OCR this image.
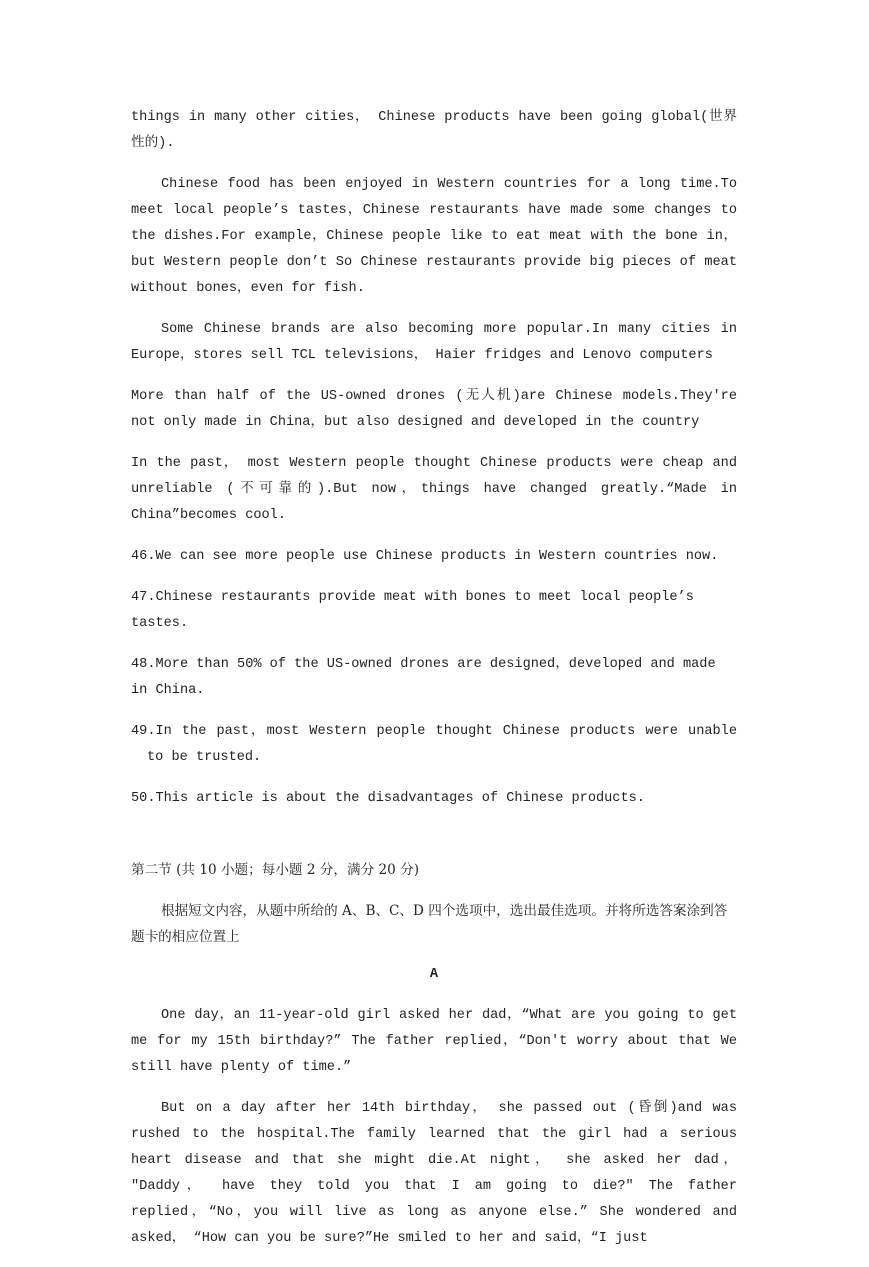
things in many other cities， Chinese products have been going global(世界性的).

Chinese food has been enjoyed in Western countries for a long time.To meet local people’s tastes，Chinese restaurants have made some changes to the dishes.For example，Chinese people like to eat meat with the bone in，but Western people don’t So Chinese restaurants provide big pieces of meat without bones，even for fish.

Some Chinese brands are also becoming more popular.In many cities in Europe，stores sell TCL televisions， Haier fridges and Lenovo computers

More than half of the US-owned drones (无人机)are Chinese models.They're not only made in China，but also designed and developed in the country

In the past， most Western people thought Chinese products were cheap and unreliable (不可靠的).But now，things have changed greatly.“Made in China”becomes cool.

46.We can see more people use Chinese products in Western countries now.
47.Chinese restaurants provide meat with bones to meet local people’s tastes.
48.More than 50% of the US-owned drones are designed，developed and made in China.
49.In the past，most Western people thought Chinese products were unable to be trusted.
50.This article is about the disadvantages of Chinese products.
第二节 (共 10 小题；每小题 2 分，满分 20 分)

根据短文内容，从题中所给的 A、B、C、D 四个选项中，选出最佳选项。并将所选答案涂到答题卡的相应位置上

A

One day，an 11-year-old girl asked her dad，“What are you going to get me for my 15th birthday?” The father replied，“Don't worry about that We still have plenty of time.”

But on a day after her 14th birthday， she passed out (昏倒)and was rushed to the hospital.The family learned that the girl had a serious heart disease and that she might die.At night， she asked her dad， "Daddy， have they told you that I am going to die?" The father replied，“No，you will live as long as anyone else.” She wondered and asked， “How can you be sure?”He smiled to her and said，“I just
